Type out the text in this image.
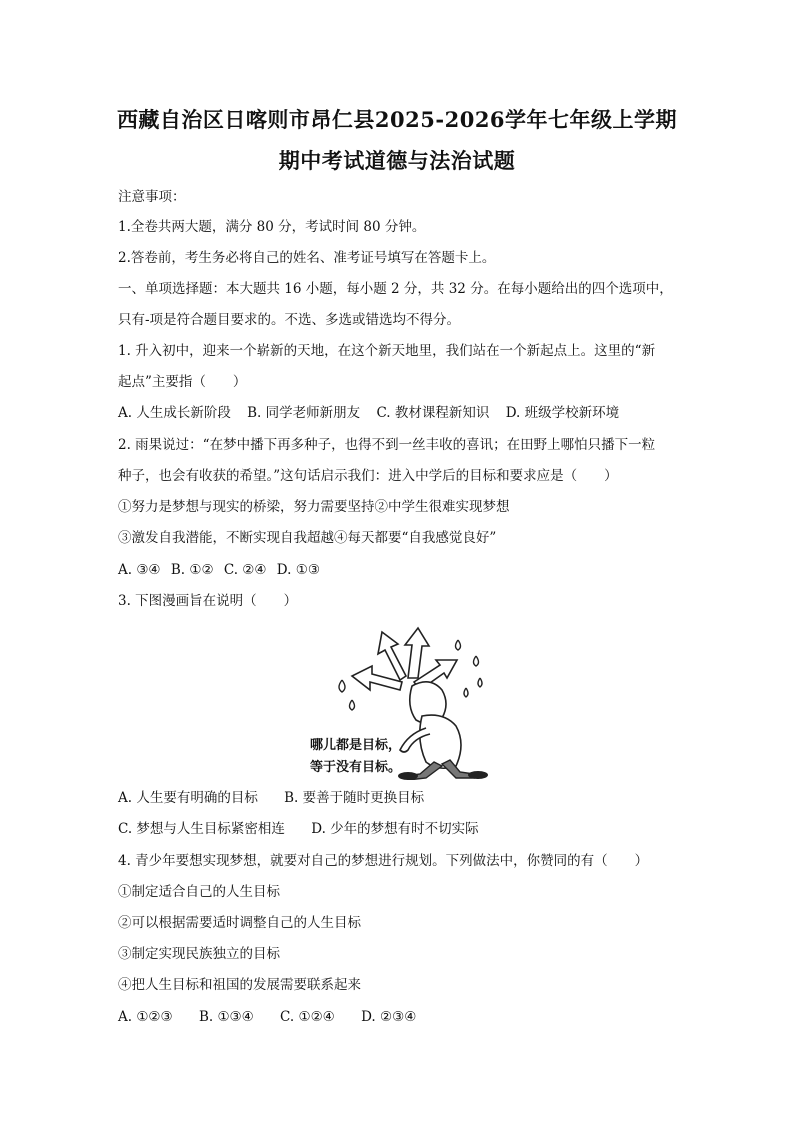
西藏自治区日喀则市昂仁县2025-2026学年七年级上学期
期中考试道德与法治试题
注意事项：
1.全卷共两大题，满分 80 分，考试时间 80 分钟。
2.答卷前，考生务必将自己的姓名、准考证号填写在答题卡上。
一、单项选择题：本大题共 16 小题，每小题 2 分，共 32 分。在每小题给出的四个选项中，
只有-项是符合题目要求的。不选、多选或错选均不得分。
1. 升入初中，迎来一个崭新的天地，在这个新天地里，我们站在一个新起点上。这里的“新
起点”主要指（　　）
A. 人生成长新阶段 B. 同学老师新朋友 C. 教材课程新知识 D. 班级学校新环境
2. 雨果说过：“在梦中播下再多种子，也得不到一丝丰收的喜讯；在田野上哪怕只播下一粒
种子，也会有收获的希望。”这句话启示我们：进入中学后的目标和要求应是（　　）
①努力是梦想与现实的桥梁，努力需要坚持②中学生很难实现梦想
③激发自我潜能，不断实现自我超越④每天都要“自我感觉良好”
A. ③④ B. ①② C. ②④ D. ①③
3. 下图漫画旨在说明（　　）
哪儿都是目标，
等于没有目标。
A. 人生要有明确的目标 B. 要善于随时更换目标
C. 梦想与人生目标紧密相连 D. 少年的梦想有时不切实际
4. 青少年要想实现梦想，就要对自己的梦想进行规划。下列做法中，你赞同的有（　　）
①制定适合自己的人生目标
②可以根据需要适时调整自己的人生目标
③制定实现民族独立的目标
④把人生目标和祖国的发展需要联系起来
A. ①②③ B. ①③④ C. ①②④ D. ②③④
